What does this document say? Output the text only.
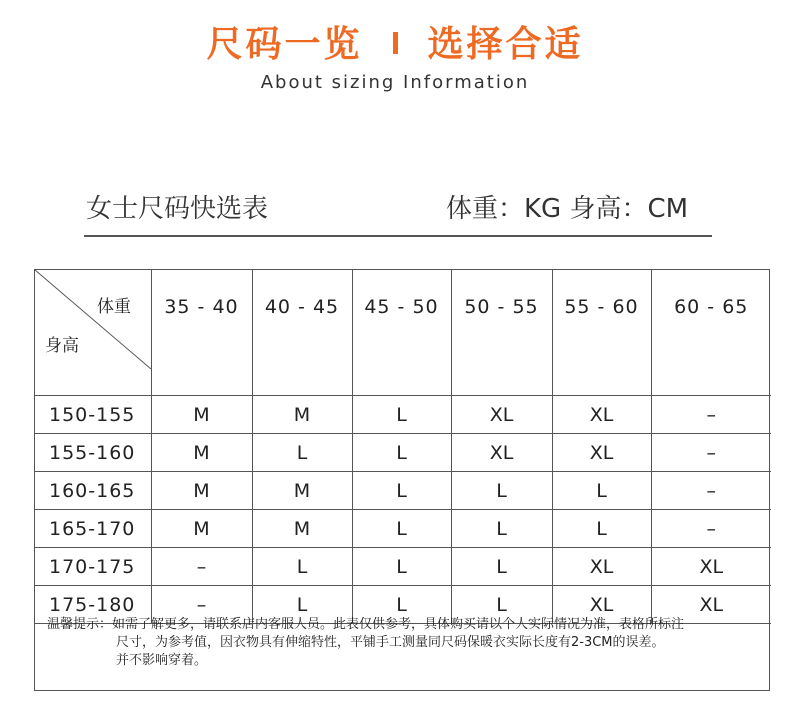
尺码一览 选择合适
About sizing Information
女士尺码快选表	体重：KG 身高：CM
体重
身高	35 - 40	40 - 45	45 - 50	50 - 55	55 - 60	60 - 65
150-155	M	M	L	XL	XL	–
155-160	M	L	L	XL	XL	–
160-165	M	M	L	L	L	–
165-170	M	M	L	L	L	–
170-175	–	L	L	L	XL	XL
175-180	–	L	L	L	XL	XL
温馨提示：如需了解更多，请联系店内客服人员。此表仅供参考，具体购买请以个人实际情况为准，表格所标注
尺寸，为参考值，因衣物具有伸缩特性，平铺手工测量同尺码保暖衣实际长度有2-3CM的误差。
并不影响穿着。
